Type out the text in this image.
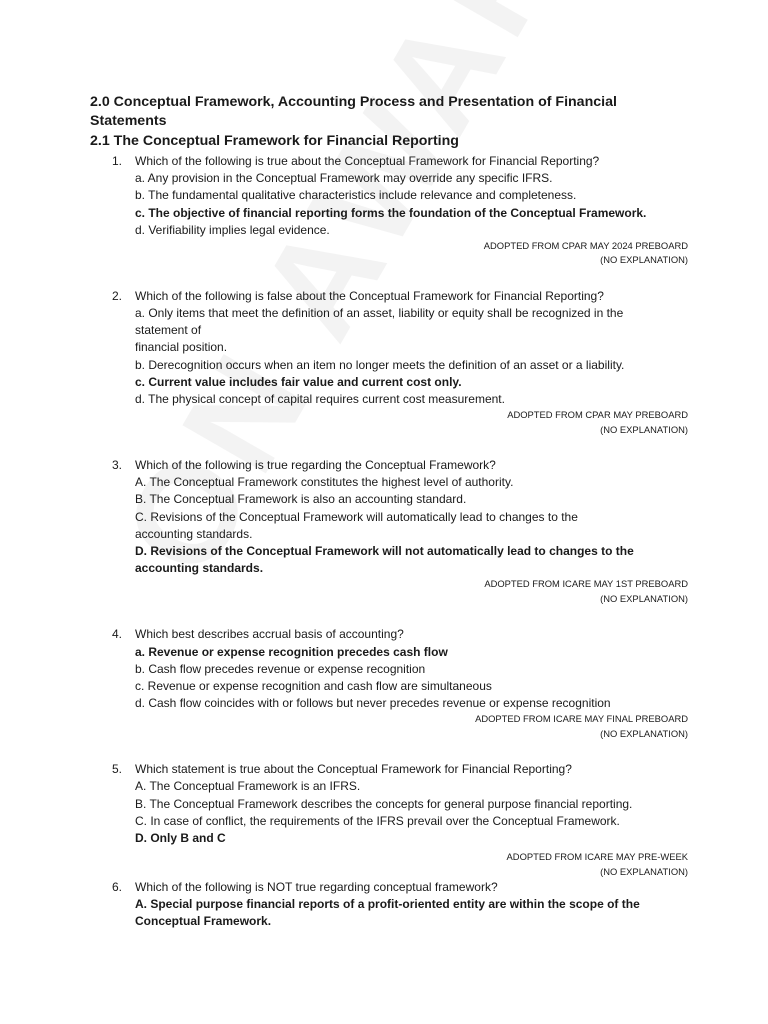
2.0 Conceptual Framework, Accounting Process and Presentation of Financial Statements
2.1 The Conceptual Framework for Financial Reporting
1. Which of the following is true about the Conceptual Framework for Financial Reporting?
a. Any provision in the Conceptual Framework may override any specific IFRS.
b. The fundamental qualitative characteristics include relevance and completeness.
c. The objective of financial reporting forms the foundation of the Conceptual Framework.
d. Verifiability implies legal evidence.
ADOPTED FROM CPAR MAY 2024 PREBOARD
(NO EXPLANATION)
2. Which of the following is false about the Conceptual Framework for Financial Reporting?
a. Only items that meet the definition of an asset, liability or equity shall be recognized in the
statement of
financial position.
b. Derecognition occurs when an item no longer meets the definition of an asset or a liability.
c. Current value includes fair value and current cost only.
d. The physical concept of capital requires current cost measurement.
ADOPTED FROM CPAR MAY PREBOARD
(NO EXPLANATION)
3. Which of the following is true regarding the Conceptual Framework?
A. The Conceptual Framework constitutes the highest level of authority.
B. The Conceptual Framework is also an accounting standard.
C. Revisions of the Conceptual Framework will automatically lead to changes to the
accounting standards.
D. Revisions of the Conceptual Framework will not automatically lead to changes to the
accounting standards.
ADOPTED FROM ICARE MAY 1ST PREBOARD
(NO EXPLANATION)
4. Which best describes accrual basis of accounting?
a. Revenue or expense recognition precedes cash flow
b. Cash flow precedes revenue or expense recognition
c. Revenue or expense recognition and cash flow are simultaneous
d. Cash flow coincides with or follows but never precedes revenue or expense recognition
ADOPTED FROM ICARE MAY FINAL PREBOARD
(NO EXPLANATION)
5. Which statement is true about the Conceptual Framework for Financial Reporting?
A. The Conceptual Framework is an IFRS.
B. The Conceptual Framework describes the concepts for general purpose financial reporting.
C. In case of conflict, the requirements of the IFRS prevail over the Conceptual Framework.
D. Only B and C
ADOPTED FROM ICARE MAY PRE-WEEK
(NO EXPLANATION)
6. Which of the following is NOT true regarding conceptual framework?
A. Special purpose financial reports of a profit-oriented entity are within the scope of the
Conceptual Framework.
